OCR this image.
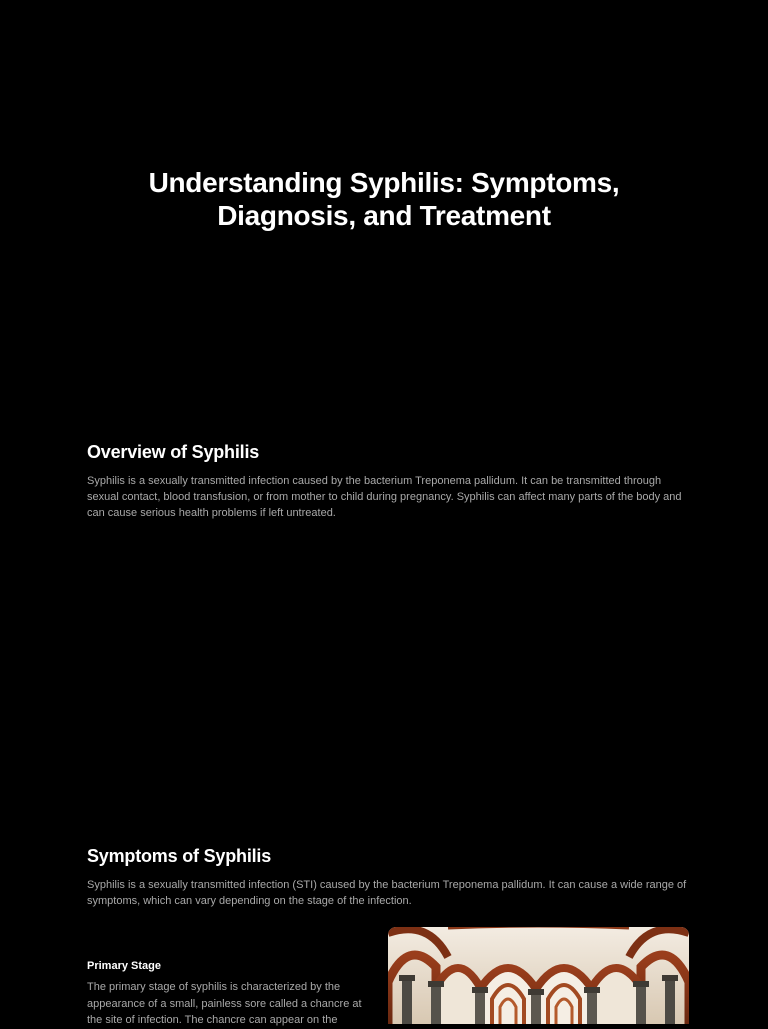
Understanding Syphilis: Symptoms, Diagnosis, and Treatment
Overview of Syphilis

Syphilis is a sexually transmitted infection caused by the bacterium Treponema pallidum. It can be transmitted through sexual contact, blood transfusion, or from mother to child during pregnancy. Syphilis can affect many parts of the body and can cause serious health problems if left untreated.

Symptoms of Syphilis

Syphilis is a sexually transmitted infection (STI) caused by the bacterium Treponema pallidum. It can cause a wide range of symptoms, which can vary depending on the stage of the infection.

Primary Stage

The primary stage of syphilis is characterized by the appearance of a small, painless sore called a chancre at the site of infection. The chancre can appear on the
